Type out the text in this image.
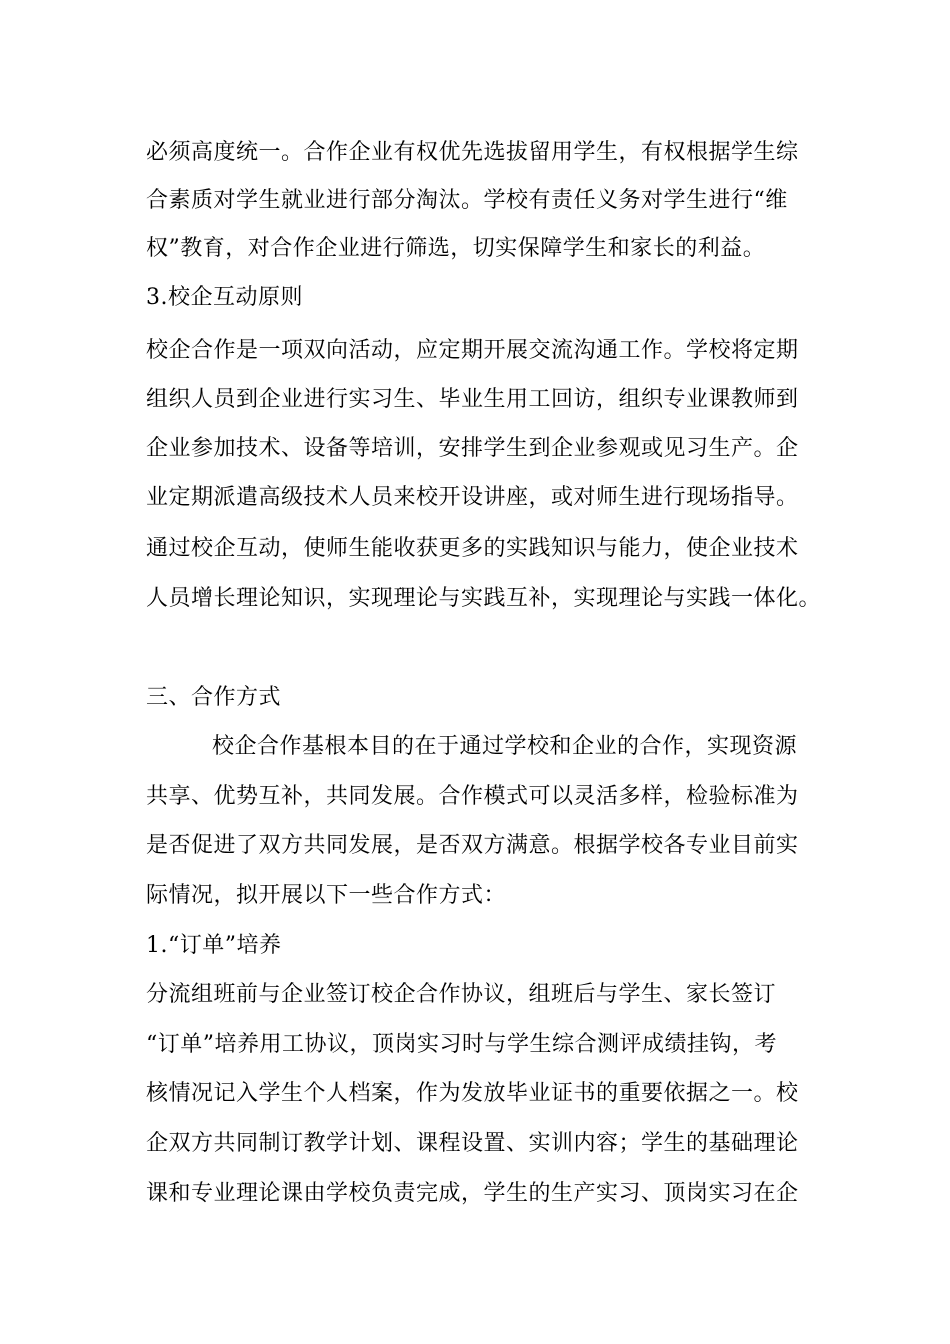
必须高度统一。合作企业有权优先选拔留用学生，有权根据学生综
合素质对学生就业进行部分淘汰。学校有责任义务对学生进行“维
权”教育，对合作企业进行筛选，切实保障学生和家长的利益。
3.校企互动原则
校企合作是一项双向活动，应定期开展交流沟通工作。学校将定期
组织人员到企业进行实习生、毕业生用工回访，组织专业课教师到
企业参加技术、设备等培训，安排学生到企业参观或见习生产。企
业定期派遣高级技术人员来校开设讲座，或对师生进行现场指导。
通过校企互动，使师生能收获更多的实践知识与能力，使企业技术
人员增长理论知识，实现理论与实践互补，实现理论与实践一体化。
三、合作方式
校企合作基根本目的在于通过学校和企业的合作，实现资源
共享、优势互补，共同发展。合作模式可以灵活多样，检验标准为
是否促进了双方共同发展，是否双方满意。根据学校各专业目前实
际情况，拟开展以下一些合作方式：
1.“订单”培养
分流组班前与企业签订校企合作协议，组班后与学生、家长签订
“订单”培养用工协议，顶岗实习时与学生综合测评成绩挂钩，考
核情况记入学生个人档案，作为发放毕业证书的重要依据之一。校
企双方共同制订教学计划、课程设置、实训内容；学生的基础理论
课和专业理论课由学校负责完成，学生的生产实习、顶岗实习在企
